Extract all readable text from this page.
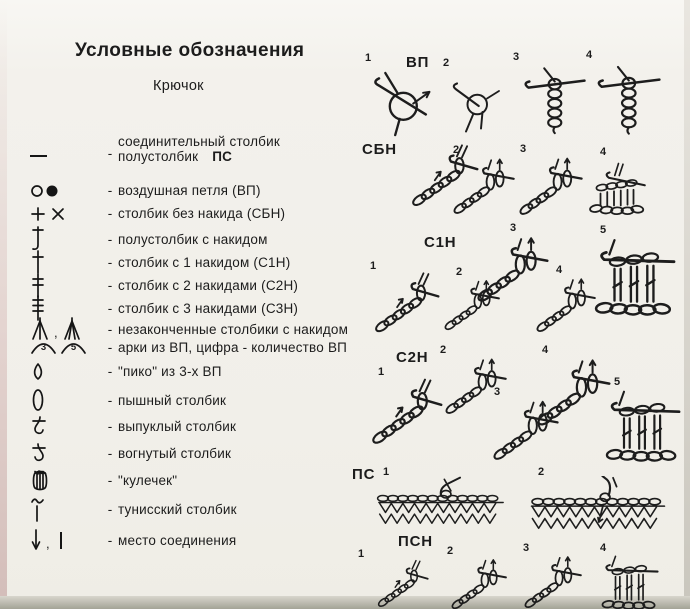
Условные обозначения
Крючок
-
соединительный столбик
полустолбик ПС
- воздушная петля (ВП)
- столбик без накида (СБН)
- полустолбик с накидом
- столбик с 1 накидом (С1Н)
- столбик с 2 накидами (С2Н)
- столбик с 3 накидами (С3Н)
,	- незаконченные столбики с накидом
3	5	- арки из ВП, цифра - количество ВП
- "пико" из 3-х ВП
- пышный столбик
- выпуклый столбик
- вогнутый столбик
- "кулечек"
- тунисский столбик
,	- место соединения
ВП
1	2	3	4
СБН	2	3	4
С1Н
3	5
1	2	4
С2Н 2	4
1
3
5
ПС 1	2
ПСН
1	2	3	4
